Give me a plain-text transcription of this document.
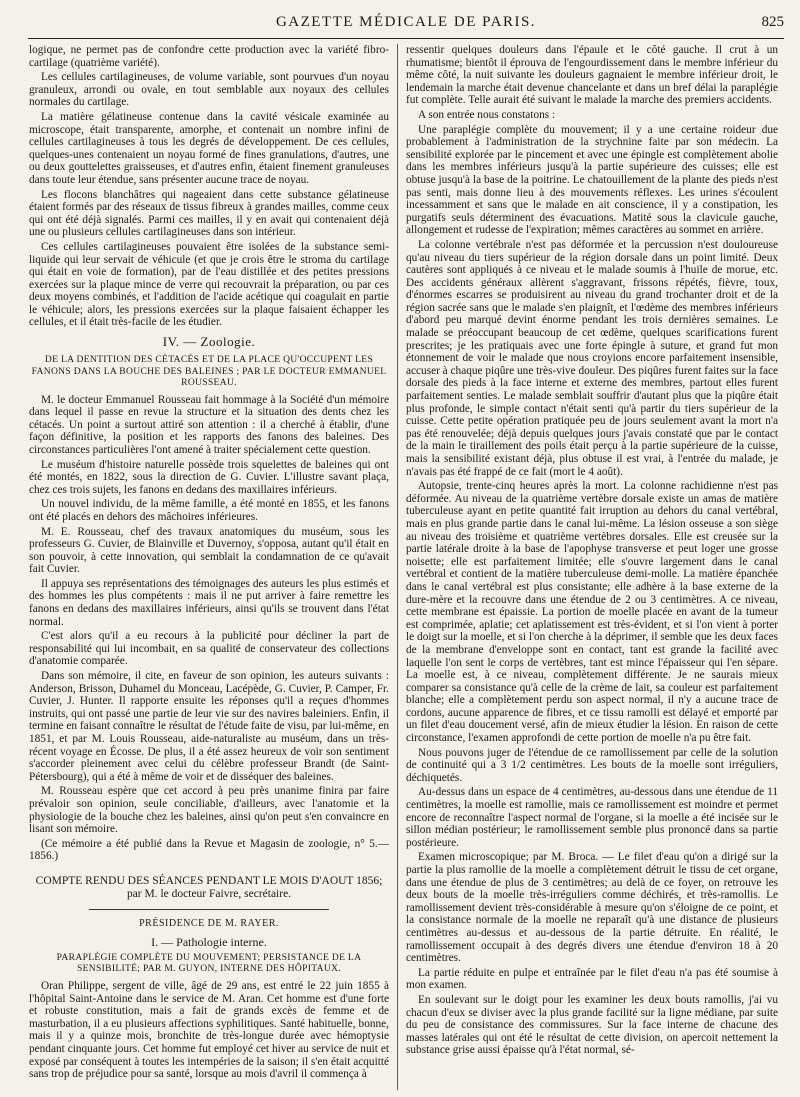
GAZETTE MÉDICALE DE PARIS.	825

logique, ne permet pas de confondre cette production avec la variété fibro-cartilage (quatrième variété).

Les cellules cartilagineuses, de volume variable, sont pourvues d'un noyau granuleux, arrondi ou ovale, en tout semblable aux noyaux des cellules normales du cartilage.

La matière gélatineuse contenue dans la cavité vésicale examinée au microscope, était transparente, amorphe, et contenait un nombre infini de cellules cartilagineuses à tous les degrés de développement. De ces cellules, quelques-unes contenaient un noyau formé de fines granulations, d'autres, une ou deux gouttelettes graisseuses, et d'autres enfin, étaient finement granuleuses dans toute leur étendue, sans présenter aucune trace de noyau.

Les flocons blanchâtres qui nageaient dans cette substance gélatineuse étaient formés par des réseaux de tissus fibreux à grandes mailles, comme ceux qui ont été déjà signalés. Parmi ces mailles, il y en avait qui contenaient déjà une ou plusieurs cellules cartilagineuses dans son intérieur.

Ces cellules cartilagineuses pouvaient être isolées de la substance semi-liquide qui leur servait de véhicule (et que je crois être le stroma du cartilage qui était en voie de formation), par de l'eau distillée et des petites pressions exercées sur la plaque mince de verre qui recouvrait la préparation, ou par ces deux moyens combinés, et l'addition de l'acide acétique qui coagulait en partie le véhicule; alors, les pressions exercées sur la plaque faisaient échapper les cellules, et il était très-facile de les étudier.

IV. — Zoologie.
DE LA DENTITION DES CÉTACÉS ET DE LA PLACE QU'OCCUPENT LES FANONS DANS LA BOUCHE DES BALEINES ; PAR LE DOCTEUR EMMANUEL ROUSSEAU.

M. le docteur Emmanuel Rousseau fait hommage à la Société d'un mémoire dans lequel il passe en revue la structure et la situation des dents chez les cétacés. Un point a surtout attiré son attention : il a cherché à établir, d'une façon définitive, la position et les rapports des fanons des baleines. Des circonstances particulières l'ont amené à traiter spécialement cette question.

Le muséum d'histoire naturelle possède trois squelettes de baleines qui ont été montés, en 1822, sous la direction de G. Cuvier. L'illustre savant plaça, chez ces trois sujets, les fanons en dedans des maxillaires inférieurs.

Un nouvel individu, de la même famille, a été monté en 1855, et les fanons ont été placés en dehors des mâchoires inférieures.

M. E. Rousseau, chef des travaux anatomiques du muséum, sous les professeurs G. Cuvier, de Blainville et Duvernoy, s'opposa, autant qu'il était en son pouvoir, à cette innovation, qui semblait la condamnation de ce qu'avait fait Cuvier.

Il appuya ses représentations des témoignages des auteurs les plus estimés et des hommes les plus compétents : mais il ne put arriver à faire remettre les fanons en dedans des maxillaires inférieurs, ainsi qu'ils se trouvent dans l'état normal.

C'est alors qu'il a eu recours à la publicité pour décliner la part de responsabilité qui lui incombait, en sa qualité de conservateur des collections d'anatomie comparée.

Dans son mémoire, il cite, en faveur de son opinion, les auteurs suivants : Anderson, Brisson, Duhamel du Monceau, Lacépède, G. Cuvier, P. Camper, Fr. Cuvier, J. Hunter. Il rapporte ensuite les réponses qu'il a reçues d'hommes instruits, qui ont passé une partie de leur vie sur des navires baleiniers. Enfin, il termine en faisant connaître le résultat de l'étude faite de visu, par lui-même, en 1851, et par M. Louis Rousseau, aide-naturaliste au muséum, dans un très-récent voyage en Écosse. De plus, il a été assez heureux de voir son sentiment s'accorder pleinement avec celui du célèbre professeur Brandt (de Saint-Pétersbourg), qui a été à même de voir et de disséquer des baleines.

M. Rousseau espère que cet accord à peu près unanime finira par faire prévaloir son opinion, seule conciliable, d'ailleurs, avec l'anatomie et la physiologie de la bouche chez les baleines, ainsi qu'on peut s'en convaincre en lisant son mémoire.

(Ce mémoire a été publié dans la Revue et Magasin de zoologie, n° 5.— 1856.)

COMPTE RENDU DES SÉANCES PENDANT LE MOIS D'AOUT 1856; par M. le docteur Faivre, secrétaire.
PRÉSIDENCE DE M. RAYER.
I. — Pathologie interne.
PARAPLÉGIE COMPLÈTE DU MOUVEMENT; PERSISTANCE DE LA SENSIBILITÉ; PAR M. GUYON, INTERNE DES HÔPITAUX.

Oran Philippe, sergent de ville, âgé de 29 ans, est entré le 22 juin 1855 à l'hôpital Saint-Antoine dans le service de M. Aran. Cet homme est d'une forte et robuste constitution, mais a fait de grands excès de femme et de masturbation, il a eu plusieurs affections syphilitiques. Santé habituelle, bonne, mais il y a quinze mois, bronchite de très-longue durée avec hémoptysie pendant cinquante jours. Cet homme fut employé cet hiver au service de nuit et exposé par conséquent à toutes les intempéries de la saison; il s'en était acquitté sans trop de préjudice pour sa santé, lorsque au mois d'avril il commença à

ressentir quelques douleurs dans l'épaule et le côté gauche. Il crut à un rhumatisme; bientôt il éprouva de l'engourdissement dans le membre inférieur du même côté, la nuit suivante les douleurs gagnaient le membre inférieur droit, le lendemain la marche était devenue chancelante et dans un bref délai la paraplégie fut complète. Telle aurait été suivant le malade la marche des premiers accidents.

A son entrée nous constatons :

Une paraplégie complète du mouvement; il y a une certaine roideur due probablement à l'administration de la strychnine faite par son médecin. La sensibilité explorée par le pincement et avec une épingle est complètement abolie dans les membres inférieurs jusqu'à la partie supérieure des cuisses; elle est obtuse jusqu'à la base de la poitrine. Le chatouillement de la plante des pieds n'est pas senti, mais donne lieu à des mouvements réflexes. Les urines s'écoulent incessamment et sans que le malade en ait conscience, il y a constipation, les purgatifs seuls déterminent des évacuations. Matité sous la clavicule gauche, allongement et rudesse de l'expiration; mêmes caractères au sommet en arrière.

La colonne vertébrale n'est pas déformée et la percussion n'est douloureuse qu'au niveau du tiers supérieur de la région dorsale dans un point limité. Deux cautères sont appliqués à ce niveau et le malade soumis à l'huile de morue, etc. Des accidents généraux allèrent s'aggravant, frissons répétés, fièvre, toux, d'énormes escarres se produisirent au niveau du grand trochanter droit et de la région sacrée sans que le malade s'en plaignît, et l'œdème des membres inférieurs d'abord peu marqué devint énorme pendant les trois dernières semaines. Le malade se préoccupant beaucoup de cet œdème, quelques scarifications furent prescrites; je les pratiquais avec une forte épingle à suture, et grand fut mon étonnement de voir le malade que nous croyions encore parfaitement insensible, accuser à chaque piqûre une très-vive douleur. Des piqûres furent faites sur la face dorsale des pieds à la face interne et externe des membres, partout elles furent parfaitement senties. Le malade semblait souffrir d'autant plus que la piqûre était plus profonde, le simple contact n'était senti qu'à partir du tiers supérieur de la cuisse. Cette petite opération pratiquée peu de jours seulement avant la mort n'a pas été renouvelée; déjà depuis quelques jours j'avais constaté que par le contact de la main le tiraillement des poils était perçu à la partie supérieure de la cuisse, mais la sensibilité existant déjà, plus obtuse il est vrai, à l'entrée du malade, je n'avais pas été frappé de ce fait (mort le 4 août).

Autopsie, trente-cinq heures après la mort. La colonne rachidienne n'est pas déformée. Au niveau de la quatrième vertèbre dorsale existe un amas de matière tuberculeuse ayant en petite quantité fait irruption au dehors du canal vertébral, mais en plus grande partie dans le canal lui-même. La lésion osseuse a son siège au niveau des troisième et quatrième vertèbres dorsales. Elle est creusée sur la partie latérale droite à la base de l'apophyse transverse et peut loger une grosse noisette; elle est parfaitement limitée; elle s'ouvre largement dans le canal vertébral et contient de la matière tuberculeuse demi-molle. La matière épanchée dans le canal vertébral est plus consistante; elle adhère à la base externe de la dure-mère et la recouvre dans une étendue de 2 ou 3 centimètres. A ce niveau, cette membrane est épaissie. La portion de moelle placée en avant de la tumeur est comprimée, aplatie; cet aplatissement est très-évident, et si l'on vient à porter le doigt sur la moelle, et si l'on cherche à la déprimer, il semble que les deux faces de la membrane d'enveloppe sont en contact, tant est grande la facilité avec laquelle l'on sent le corps de vertèbres, tant est mince l'épaisseur qui l'en sépare. La moelle est, à ce niveau, complètement différente. Je ne saurais mieux comparer sa consistance qu'à celle de la crème de lait, sa couleur est parfaitement blanche; elle a complètement perdu son aspect normal, il n'y a aucune trace de cordons, aucune apparence de fibres, et ce tissu ramolli est délayé et emporté par un filet d'eau doucement versé, afin de mieux étudier la lésion. En raison de cette circonstance, l'examen approfondi de cette portion de moelle n'a pu être fait.

Nous pouvons juger de l'étendue de ce ramollissement par celle de la solution de continuité qui a 3 1/2 centimètres. Les bouts de la moelle sont irréguliers, déchiquetés.

Au-dessus dans un espace de 4 centimètres, au-dessous dans une étendue de 11 centimètres, la moelle est ramollie, mais ce ramollissement est moindre et permet encore de reconnaître l'aspect normal de l'organe, si la moelle a été incisée sur le sillon médian postérieur; le ramollissement semble plus prononcé dans sa partie postérieure.

Examen microscopique; par M. Broca. — Le filet d'eau qu'on a dirigé sur la partie la plus ramollie de la moelle a complètement détruit le tissu de cet organe, dans une étendue de plus de 3 centimètres; au delà de ce foyer, on retrouve les deux bouts de la moelle très-irréguliers comme déchirés, et très-ramollis. Le ramollissement devient très-considérable à mesure qu'on s'éloigne de ce point, et la consistance normale de la moelle ne reparaît qu'à une distance de plusieurs centimètres au-dessus et au-dessous de la partie détruite. En réalité, le ramollissement occupait à des degrés divers une étendue d'environ 18 à 20 centimètres.

La partie réduite en pulpe et entraînée par le filet d'eau n'a pas été soumise à mon examen.

En soulevant sur le doigt pour les examiner les deux bouts ramollis, j'ai vu chacun d'eux se diviser avec la plus grande facilité sur la ligne médiane, par suite du peu de consistance des commissures. Sur la face interne de chacune des masses latérales qui ont été le résultat de cette division, on apercoit nettement la substance grise aussi épaisse qu'à l'état normal, sé-
